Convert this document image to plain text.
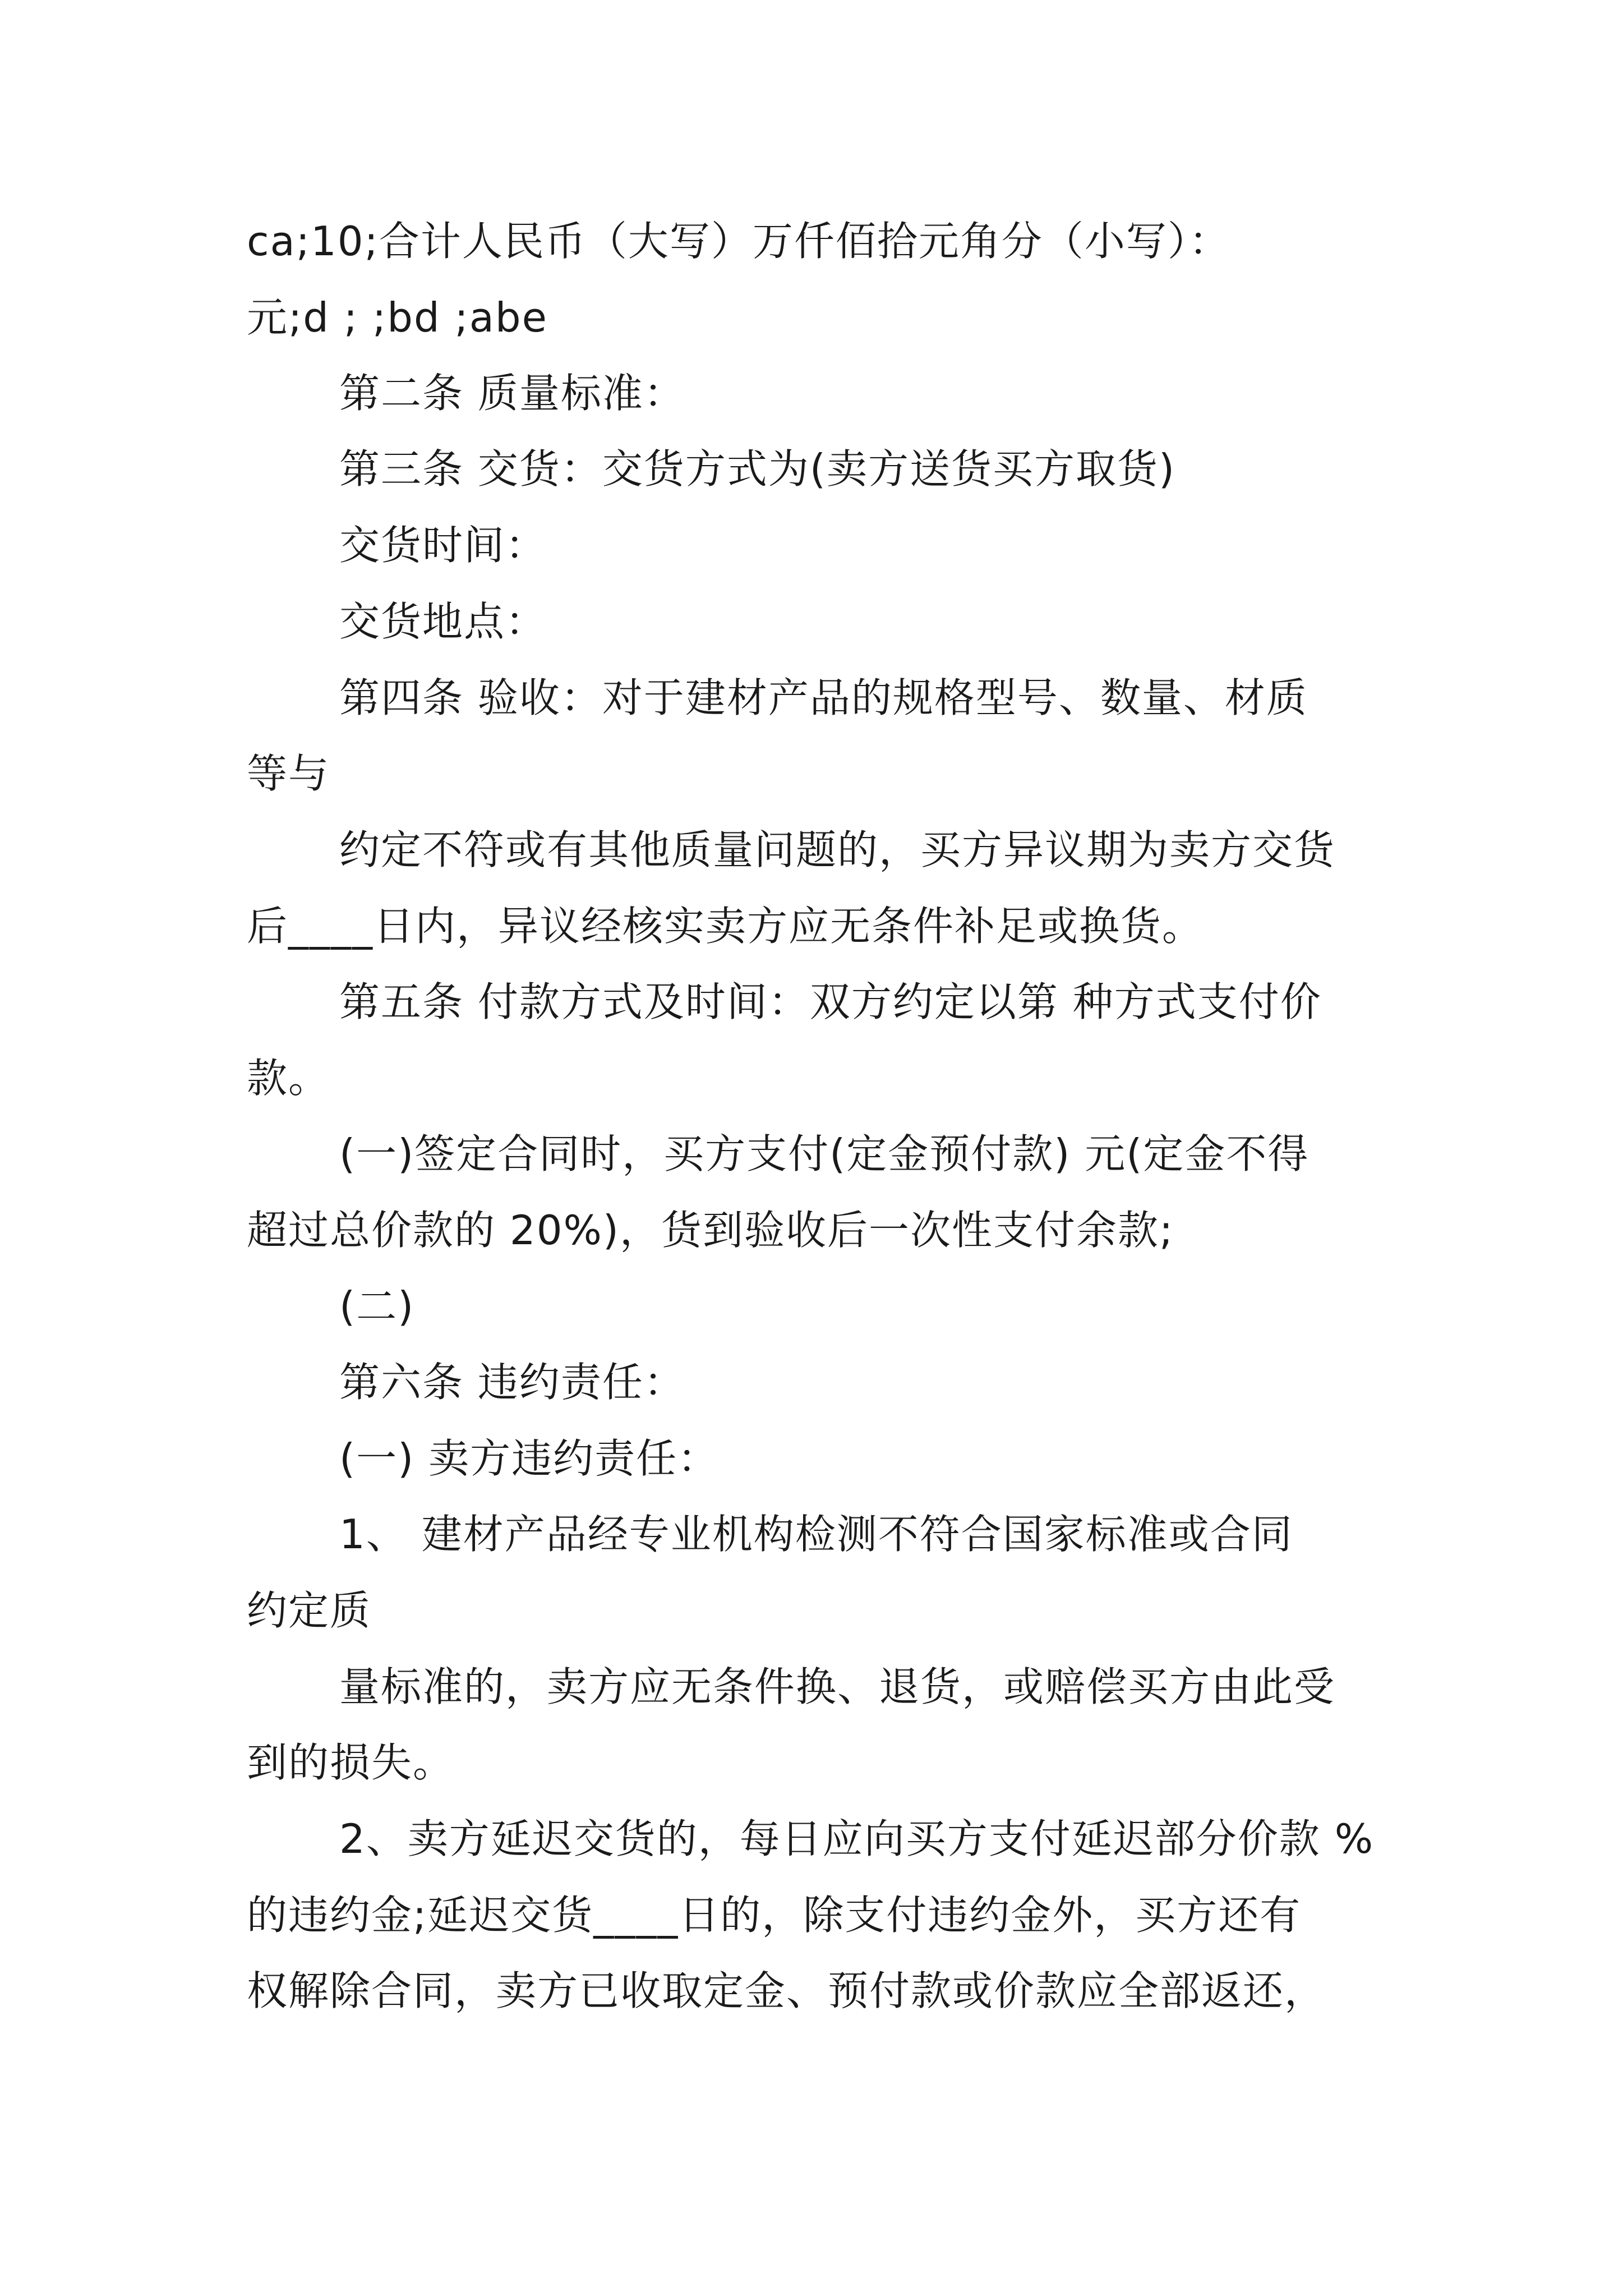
ca;10;合计人民币（大写）万仟佰拾元角分（小写）：
元;d ; ;bd ;abe
第二条 质量标准：
第三条 交货：交货方式为(卖方送货买方取货)
交货时间：
交货地点：
第四条 验收：对于建材产品的规格型号、数量、材质
等与
约定不符或有其他质量问题的，买方异议期为卖方交货
后____日内，异议经核实卖方应无条件补足或换货。
第五条 付款方式及时间：双方约定以第 种方式支付价
款。
(一)签定合同时，买方支付(定金预付款) 元(定金不得
超过总价款的 20%)，货到验收后一次性支付余款;
(二)
第六条 违约责任：
(一) 卖方违约责任：
1、 建材产品经专业机构检测不符合国家标准或合同
约定质
量标准的，卖方应无条件换、退货，或赔偿买方由此受
到的损失。
2、卖方延迟交货的，每日应向买方支付延迟部分价款 %
的违约金;延迟交货____日的，除支付违约金外，买方还有
权解除合同，卖方已收取定金、预付款或价款应全部返还，
